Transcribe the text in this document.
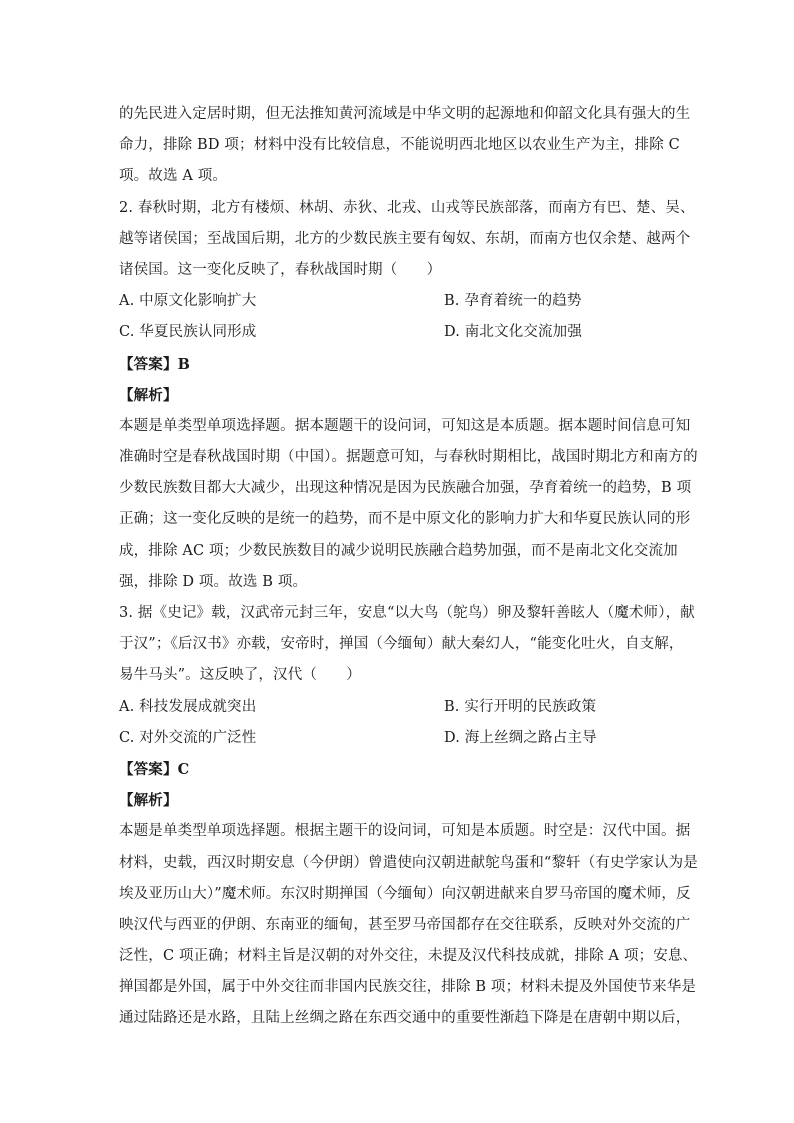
的先民进入定居时期，但无法推知黄河流域是中华文明的起源地和仰韶文化具有强大的生
命力，排除 BD 项；材料中没有比较信息，不能说明西北地区以农业生产为主，排除 C
项。故选 A 项。
2. 春秋时期，北方有楼烦、林胡、赤狄、北戎、山戎等民族部落，而南方有巴、楚、吴、
越等诸侯国；至战国后期，北方的少数民族主要有匈奴、东胡，而南方也仅余楚、越两个
诸侯国。这一变化反映了，春秋战国时期（　　）
A. 中原文化影响扩大	B. 孕育着统一的趋势
C. 华夏民族认同形成	D. 南北文化交流加强
【答案】B
【解析】
本题是单类型单项选择题。据本题题干的设问词，可知这是本质题。据本题时间信息可知
准确时空是春秋战国时期（中国）。据题意可知，与春秋时期相比，战国时期北方和南方的
少数民族数目都大大减少，出现这种情况是因为民族融合加强，孕育着统一的趋势，B 项
正确；这一变化反映的是统一的趋势，而不是中原文化的影响力扩大和华夏民族认同的形
成，排除 AC 项；少数民族数目的减少说明民族融合趋势加强，而不是南北文化交流加
强，排除 D 项。故选 B 项。
3. 据《史记》载，汉武帝元封三年，安息“以大鸟（鸵鸟）卵及黎轩善眩人（魔术师），献
于汉”；《后汉书》亦载，安帝时，掸国（今缅甸）献大秦幻人，“能变化吐火，自支解，
易牛马头”。这反映了，汉代（　　）
A. 科技发展成就突出	B. 实行开明的民族政策
C. 对外交流的广泛性	D. 海上丝绸之路占主导
【答案】C
【解析】
本题是单类型单项选择题。根据主题干的设问词，可知是本质题。时空是：汉代中国。据
材料，史载，西汉时期安息（今伊朗）曾遣使向汉朝进献鸵鸟蛋和“黎轩（有史学家认为是
埃及亚历山大）”魔术师。东汉时期掸国（今缅甸）向汉朝进献来自罗马帝国的魔术师，反
映汉代与西亚的伊朗、东南亚的缅甸，甚至罗马帝国都存在交往联系，反映对外交流的广
泛性，C 项正确；材料主旨是汉朝的对外交往，未提及汉代科技成就，排除 A 项；安息、
掸国都是外国，属于中外交往而非国内民族交往，排除 B 项；材料未提及外国使节来华是
通过陆路还是水路，且陆上丝绸之路在东西交通中的重要性渐趋下降是在唐朝中期以后，
